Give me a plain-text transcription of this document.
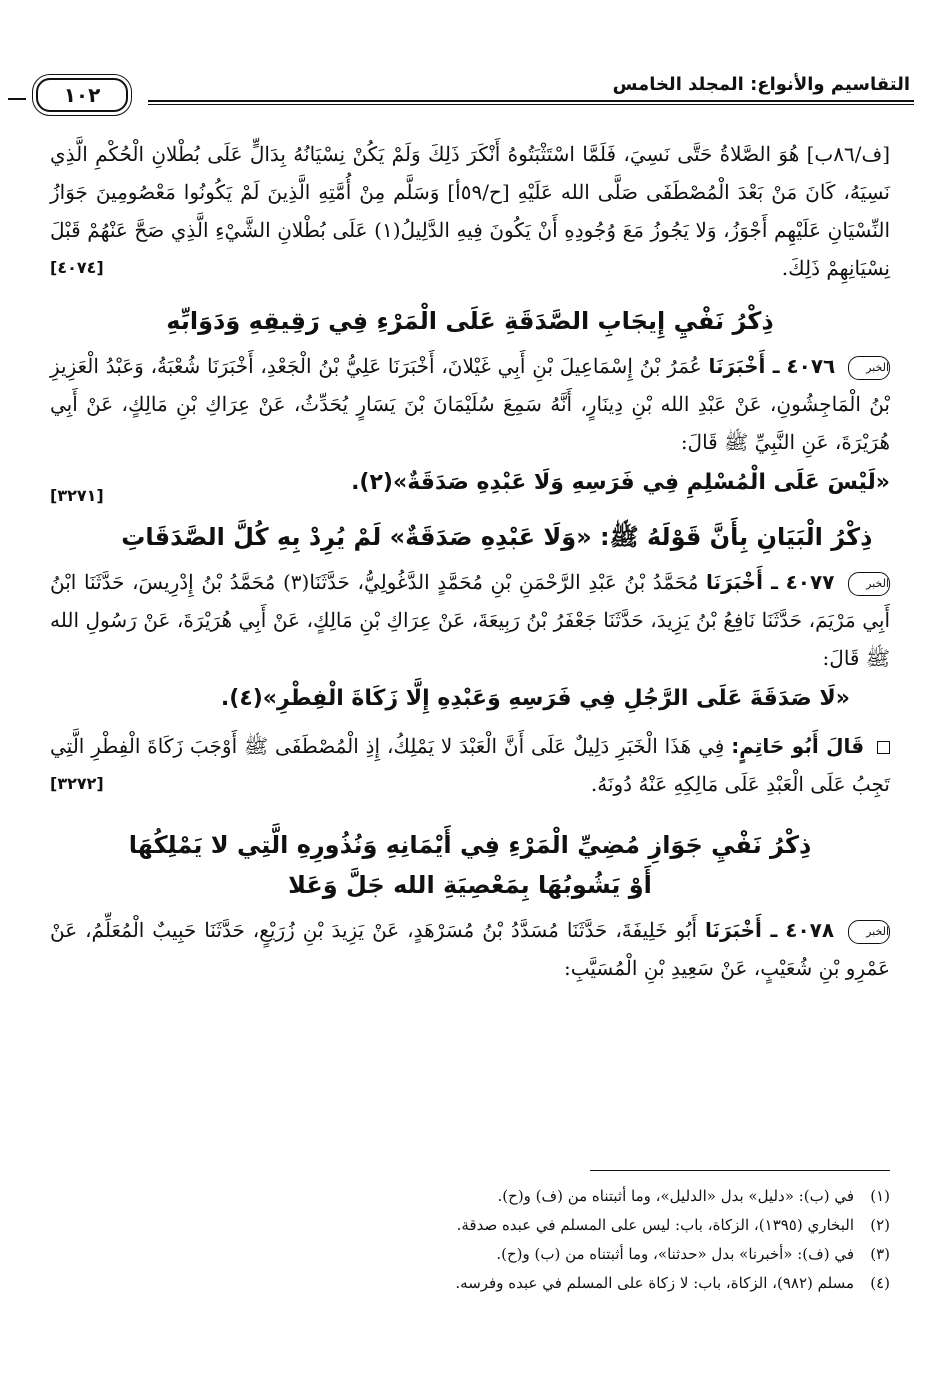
التقاسيم والأنواع: المجلد الخامس
١٠٢

[ف/٨٦ب] هُوَ الصَّلاةُ حَتَّى نَسِيَ، فَلَمَّا اسْتَثْبَتُوهُ أَنْكَرَ ذَلِكَ وَلَمْ يَكُنْ نِسْيَانُهُ بِدَالٍّ عَلَى بُطْلانِ الْحُكْمِ الَّذِي نَسِيَهُ، كَانَ مَنْ بَعْدَ الْمُصْطَفَى صَلَّى الله عَلَيْهِ [ح/٥٩أ] وَسَلَّم مِنْ أُمَّتِهِ الَّذِينَ لَمْ يَكُونُوا مَعْصُومِينَ جَوَازُ النِّسْيَانِ عَلَيْهِم أَجْوَزُ، وَلا يَجُوزُ مَعَ وُجُودِهِ أَنْ يَكُونَ فِيهِ الدَّلِيلُ(١) عَلَى بُطْلانِ الشَّيْءِ الَّذِي صَحَّ عَنْهُمْ قَبْلَ نِسْيَانِهِمْ ذَلِكَ.
[٤٠٧٤]

ذِكْرُ نَفْيِ إِيجَابِ الصَّدَقَةِ عَلَى الْمَرْءِ فِي رَقِيقِهِ وَدَوَابِّهِ

الخبر ٤٠٧٦ ـ أَخْبَرَنَا عُمَرُ بْنُ إِسْمَاعِيلَ بْنِ أَبِي غَيْلانَ، أَخْبَرَنَا عَلِيُّ بْنُ الْجَعْدِ، أَخْبَرَنَا شُعْبَةُ، وَعَبْدُ الْعَزِيزِ بْنُ الْمَاجِشُونِ، عَنْ عَبْدِ الله بْنِ دِينَارٍ، أَنَّهُ سَمِعَ سُلَيْمَانَ بْنَ يَسَارٍ يُحَدِّثُ، عَنْ عِرَاكِ بْنِ مَالِكٍ، عَنْ أَبِي هُرَيْرَةَ، عَنِ النَّبِيِّ ﷺ قَالَ:

«لَيْسَ عَلَى الْمُسْلِمِ فِي فَرَسِهِ وَلَا عَبْدِهِ صَدَقَةٌ»(٢).
[٣٢٧١]

ذِكْرُ الْبَيَانِ بِأَنَّ قَوْلَهُ ﷺ: «وَلَا عَبْدِهِ صَدَقَةٌ» لَمْ يُرِدْ بِهِ كُلَّ الصَّدَقَاتِ

الخبر ٤٠٧٧ ـ أَخْبَرَنَا مُحَمَّدُ بْنُ عَبْدِ الرَّحْمَنِ بْنِ مُحَمَّدٍ الدَّغُولِيُّ، حَدَّثَنَا(٣) مُحَمَّدُ بْنُ إِدْرِيسَ، حَدَّثَنَا ابْنُ أَبِي مَرْيَمَ، حَدَّثَنَا نَافِعُ بْنُ يَزِيدَ، حَدَّثَنَا جَعْفَرُ بْنُ رَبِيعَةَ، عَنْ عِرَاكِ بْنِ مَالِكٍ، عَنْ أَبِي هُرَيْرَةَ، عَنْ رَسُولِ الله ﷺ قَالَ:

«لَا صَدَقَةَ عَلَى الرَّجُلِ فِي فَرَسِهِ وَعَبْدِهِ إِلَّا زَكَاةَ الْفِطْرِ»(٤).

قَالَ أَبُو حَاتِمٍ: فِي هَذَا الْخَبَرِ دَلِيلٌ عَلَى أَنَّ الْعَبْدَ لا يَمْلِكُ، إِذِ الْمُصْطَفَى ﷺ أَوْجَبَ زَكَاةَ الْفِطْرِ الَّتِي تَجِبُ عَلَى الْعَبْدِ عَلَى مَالِكِهِ عَنْهُ دُونَهُ.
[٣٢٧٢]

ذِكْرُ نَفْيِ جَوَازِ مُضِيِّ الْمَرْءِ فِي أَيْمَانِهِ وَنُذُورِهِ الَّتِي لا يَمْلِكُهَا

أَوْ يَشُوبُهَا بِمَعْصِيَةِ الله جَلَّ وَعَلا

الخبر ٤٠٧٨ ـ أَخْبَرَنَا أَبُو خَلِيفَةَ، حَدَّثَنَا مُسَدَّدُ بْنُ مُسَرْهَدٍ، عَنْ يَزِيدَ بْنِ زُرَيْعٍ، حَدَّثَنَا حَبِيبٌ الْمُعَلِّمُ، عَنْ عَمْرِو بْنِ شُعَيْبٍ، عَنْ سَعِيدِ بْنِ الْمُسَيَّبِ:

(١)في (ب): «دليل» بدل «الدليل»، وما أثبتناه من (ف) و(ح).

(٢)البخاري (١٣٩٥)، الزكاة، باب: ليس على المسلم في عبده صدقة.

(٣)في (ف): «أخبرنا» بدل «حدثنا»، وما أثبتناه من (ب) و(ح).

(٤)مسلم (٩٨٢)، الزكاة، باب: لا زكاة على المسلم في عبده وفرسه.
